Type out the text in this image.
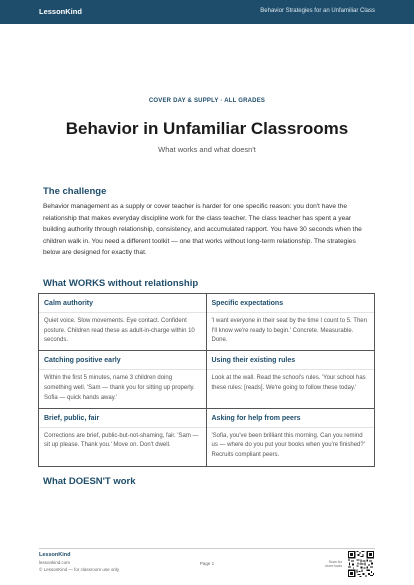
LessonKind	Behavior Strategies for an Unfamiliar Class
COVER DAY & SUPPLY · ALL GRADES
Behavior in Unfamiliar Classrooms
What works and what doesn't
The challenge

Behavior management as a supply or cover teacher is harder for one specific reason: you don't have the relationship that makes everyday discipline work for the class teacher. The class teacher has spent a year building authority through relationship, consistency, and accumulated rapport. You have 30 seconds when the children walk in. You need a different toolkit — one that works without long-term relationship. The strategies below are designed for exactly that.

What WORKS without relationship
Calm authority
Quiet voice. Slow movements. Eye contact. Confident posture. Children read these as adult-in-charge within 10 seconds.
Specific expectations
'I want everyone in their seat by the time I count to 5. Then I'll know we're ready to begin.' Concrete. Measurable. Done.
Catching positive early
Within the first 5 minutes, name 3 children doing something well. 'Sam — thank you for sitting up properly. Sofia — quick hands away.'
Using their existing rules
Look at the wall. Read the school's rules. 'Your school has these rules: [reads]. We're going to follow these today.'
Brief, public, fair
Corrections are brief, public-but-not-shaming, fair. 'Sam — sit up please. Thank you.' Move on. Don't dwell.
Asking for help from peers
'Sofia, you've been brilliant this morning. Can you remind us — where do you put your books when you're finished?' Recruits compliant peers.
What DOESN'T work
LessonKind
lessonkind.com
© LessonKind — for classroom use only
Page 1	Scan for
more tools
